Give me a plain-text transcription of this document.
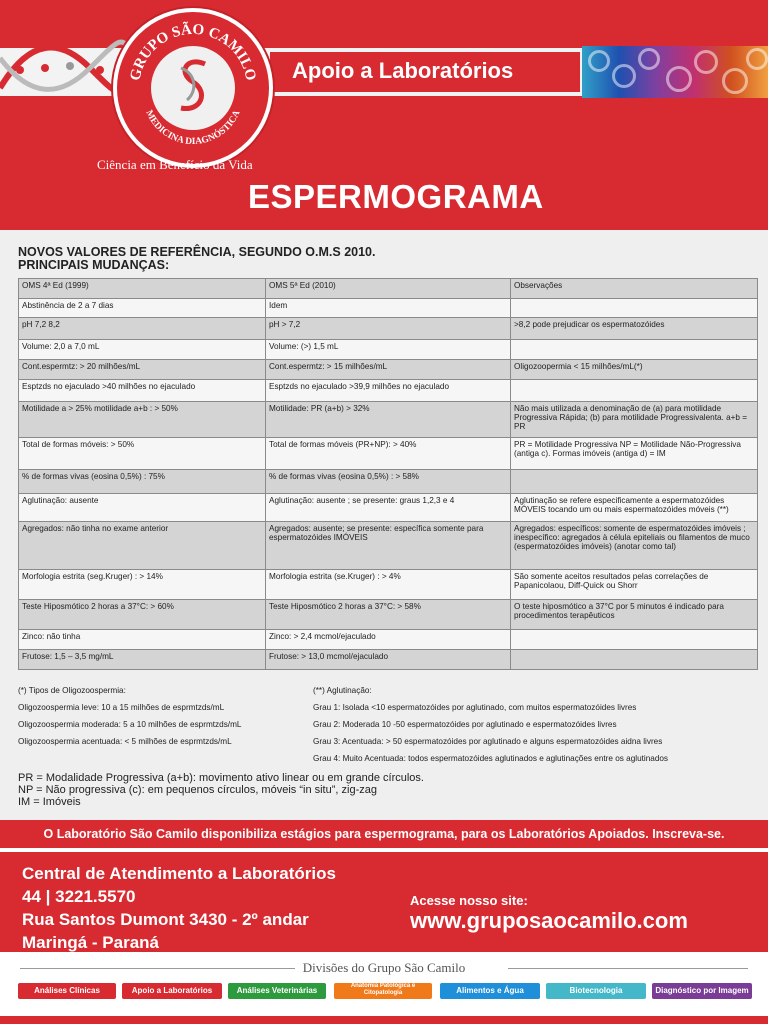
Apoio a Laboratórios
GRUPO SÃO CAMILO
MEDICINA DIAGNÓSTICA
Ciência em Benefício da Vida
ESPERMOGRAMA
NOVOS VALORES DE REFERÊNCIA, SEGUNDO O.M.S 2010.
PRINCIPAIS MUDANÇAS:
OMS 4ª Ed (1999)	OMS 5ª Ed (2010)	Observações
Abstinência de 2 a 7 dias	Idem	
pH 7,2 8,2	pH > 7,2	>8,2 pode prejudicar os espermatozóides
Volume: 2,0 a 7,0 mL	Volume: (>) 1,5 mL	
Cont.espermtz: > 20 milhões/mL	Cont.espermtz: > 15 milhões/mL	Oligozoopermia < 15 milhões/mL(*)
Esptzds no ejaculado >40 milhões no ejaculado	Esptzds no ejaculado >39,9 milhões no ejaculado	
Motilidade a > 25% motilidade a+b : > 50%	Motilidade: PR (a+b) > 32%	Não mais utilizada a denominação de (a) para motilidade Progressiva Rápida; (b) para motilidade Progressivalenta. a+b = PR
Total de formas móveis: > 50%	Total de formas móveis (PR+NP): > 40%	PR = Motilidade Progressiva NP = Motilidade Não-Progressiva (antiga c). Formas imóveis (antiga d) = IM
% de formas vivas (eosina 0,5%) : 75%	% de formas vivas (eosina 0,5%) : > 58%	
Aglutinação: ausente	Aglutinação: ausente ; se presente: graus 1,2,3 e 4	Aglutinação se refere especificamente a espermatozóides MÓVEIS tocando um ou mais espermatozóides móveis (**)
Agregados: não tinha no exame anterior	Agregados: ausente; se presente: específica somente para espermatozóides IMÓVEIS	Agregados: específicos: somente de espermatozóides imóveis ; inespecífico: agregados à célula epiteliais ou filamentos de muco (espermatozóides imóveis) (anotar como tal)
Morfologia estrita (seg.Kruger) : > 14%	Morfologia estrita (se.Kruger) : > 4%	São somente aceitos resultados pelas correlações de Papanicolaou, Diff-Quick ou Shorr
Teste Hiposmótico 2 horas a 37°C: > 60%	Teste Hiposmótico 2 horas a 37°C: > 58%	O teste hiposmótico a 37°C por 5 minutos é indicado para procedimentos terapêuticos
Zinco: não tinha	Zinco: > 2,4 mcmol/ejaculado	
Frutose: 1,5 – 3,5 mg/mL	Frutose: > 13,0 mcmol/ejaculado	
(*) Tipos de Oligozoospermia:
Oligozoospermia leve: 10 a 15 milhões de esprmtzds/mL
Oligozoospermia moderada: 5 a 10 milhões de esprmtzds/mL
Oligozoospermia acentuada: < 5 milhões de esprmtzds/mL
(**) Aglutinação:
Grau 1: Isolada <10 espermatozóides por aglutinado, com muitos espermatozóides livres
Grau 2: Moderada 10 -50 espermatozóides por aglutinado e espermatozóides livres
Grau 3: Acentuada: > 50 espermatozóides por aglutinado e alguns espermatozóides aidna livres
Grau 4: Muito Acentuada: todos espermatozóides aglutinados e aglutinações entre os aglutinados
PR = Modalidade Progressiva (a+b): movimento ativo linear ou em grande círculos.
NP = Não progressiva (c): em pequenos círculos, móveis “in situ”, zig-zag
IM = Imóveis
O Laboratório São Camilo disponibiliza estágios para espermograma, para os Laboratórios Apoiados. Inscreva-se.
Central de Atendimento a Laboratórios
44 | 3221.5570
Rua Santos Dumont 3430 - 2º andar
Maringá - Paraná
Acesse nosso site:
www.gruposaocamilo.com
Divisões do Grupo São Camilo
Análises Clínicas	Apoio a Laboratórios	Análises Veterinárias	Anatomia Patológica e Citopatologia	Alimentos e Água	Biotecnologia	Diagnóstico por Imagem
